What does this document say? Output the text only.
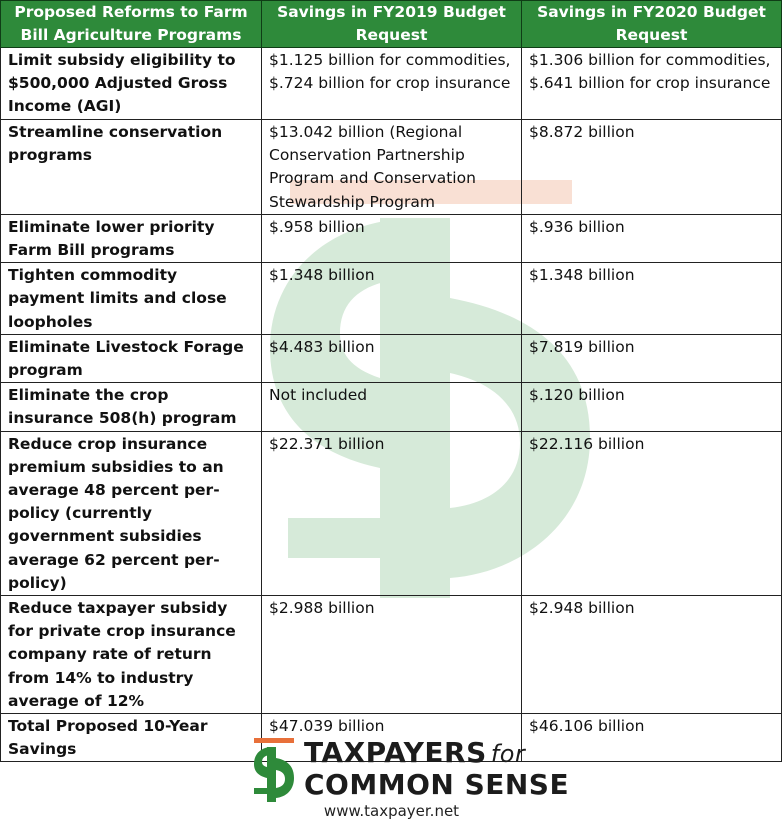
Proposed Reforms to Farm Bill Agriculture Programs	Savings in FY2019 Budget Request	Savings in FY2020 Budget Request
Limit subsidy eligibility to $500,000 Adjusted Gross Income (AGI)	$1.125 billion for commodities, $.724 billion for crop insurance	$1.306 billion for commodities, $.641 billion for crop insurance
Streamline conservation programs	$13.042 billion (Regional Conservation Partnership Program and Conservation Stewardship Program	$8.872 billion
Eliminate lower priority Farm Bill programs	$.958 billion	$.936 billion
Tighten commodity payment limits and close loopholes	$1.348 billion	$1.348 billion
Eliminate Livestock Forage program	$4.483 billion	$7.819 billion
Eliminate the crop insurance 508(h) program	Not included	$.120 billion
Reduce crop insurance premium subsidies to an average 48 percent per-policy (currently government subsidies average 62 percent per-policy)	$22.371 billion	$22.116 billion
Reduce taxpayer subsidy for private crop insurance company rate of return from 14% to industry average of 12%	$2.988 billion	$2.948 billion
Total Proposed 10-Year Savings	$47.039 billion	$46.106 billion
TAXPAYERS for
COMMON SENSE
www.taxpayer.net
